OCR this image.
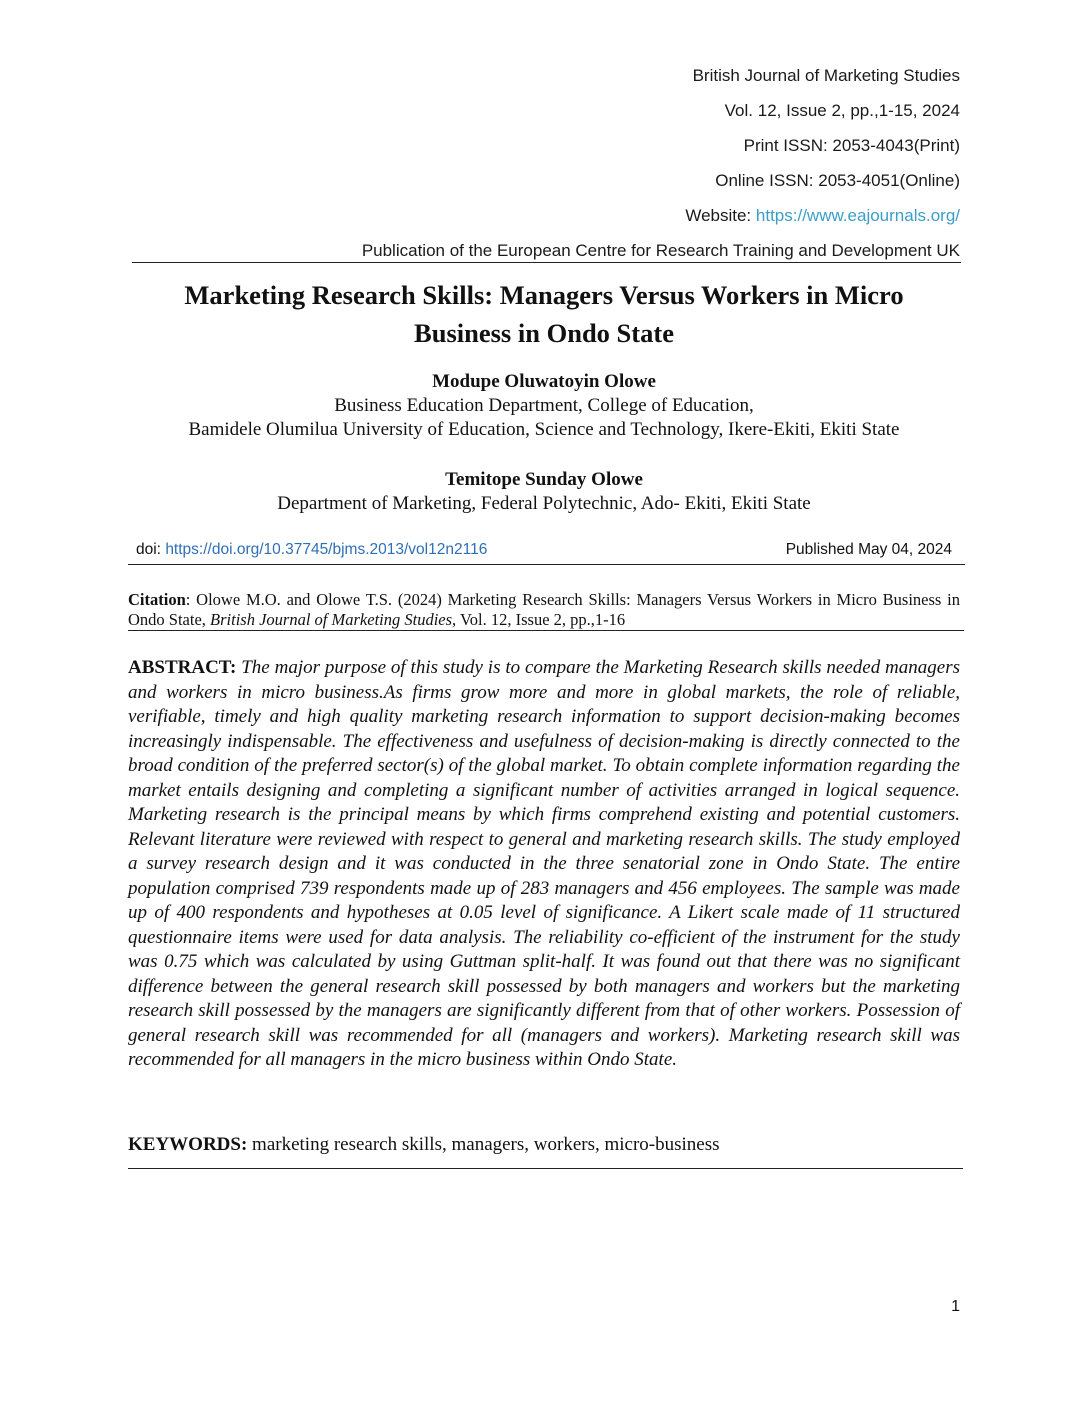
British Journal of Marketing Studies
Vol. 12, Issue 2, pp.,1-15, 2024
Print ISSN: 2053-4043(Print)
Online ISSN: 2053-4051(Online)
Website: https://www.eajournals.org/
Publication of the European Centre for Research Training and Development UK
Marketing Research Skills: Managers Versus Workers in Micro
Business in Ondo State
Modupe Oluwatoyin Olowe
Business Education Department, College of Education,
Bamidele Olumilua University of Education, Science and Technology, Ikere-Ekiti, Ekiti State
Temitope Sunday Olowe
Department of Marketing, Federal Polytechnic, Ado- Ekiti, Ekiti State
doi: https://doi.org/10.37745/bjms.2013/vol12n2116	Published May 04, 2024
Citation: Olowe M.O. and Olowe T.S. (2024) Marketing Research Skills: Managers Versus Workers in Micro Business in Ondo State, British Journal of Marketing Studies, Vol. 12, Issue 2, pp.,1-16
ABSTRACT: The major purpose of this study is to compare the Marketing Research skills needed managers and workers in micro business.As firms grow more and more in global markets, the role of reliable, verifiable, timely and high quality marketing research information to support decision-making becomes increasingly indispensable. The effectiveness and usefulness of decision-making is directly connected to the broad condition of the preferred sector(s) of the global market. To obtain complete information regarding the market entails designing and completing a significant number of activities arranged in logical sequence. Marketing research is the principal means by which firms comprehend existing and potential customers. Relevant literature were reviewed with respect to general and marketing research skills. The study employed a survey research design and it was conducted in the three senatorial zone in Ondo State. The entire population comprised 739 respondents made up of 283 managers and 456 employees. The sample was made up of 400 respondents and hypotheses at 0.05 level of significance. A Likert scale made of 11 structured questionnaire items were used for data analysis. The reliability co-efficient of the instrument for the study was 0.75 which was calculated by using Guttman split-half. It was found out that there was no significant difference between the general research skill possessed by both managers and workers but the marketing research skill possessed by the managers are significantly different from that of other workers. Possession of general research skill was recommended for all (managers and workers). Marketing research skill was recommended for all managers in the micro business within Ondo State.
KEYWORDS: marketing research skills, managers, workers, micro-business
1
